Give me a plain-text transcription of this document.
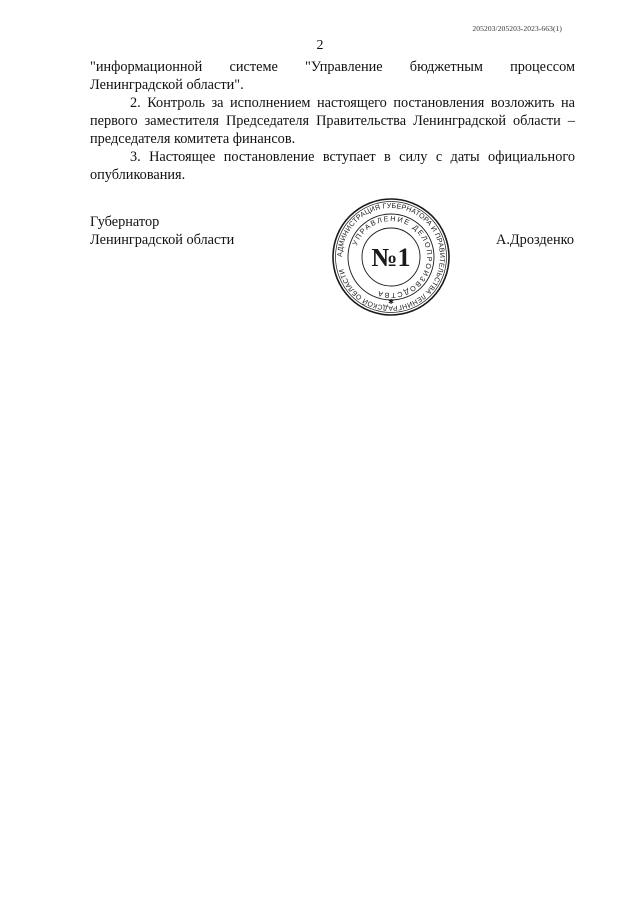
205203/205203-2023-663(1)
2

"информационной     системе     "Управление     бюджетным     процессом

Ленинградской области".

2. Контроль за исполнением настоящего постановления возложить на первого заместителя Председателя Правительства Ленинградской области – председателя комитета финансов.

3. Настоящее постановление вступает в силу с даты официального опубликования.

Губернатор
Ленинградской области	А.Дрозденко
АДМИНИСТРАЦИЯ ГУБЕРНАТОРА И ПРАВИТЕЛЬСТВА ЛЕНИНГРАДСКОЙ ОБЛАСТИ
УПРАВЛЕНИЕ ДЕЛОПРОИЗВОДСТВА
№1
✱
